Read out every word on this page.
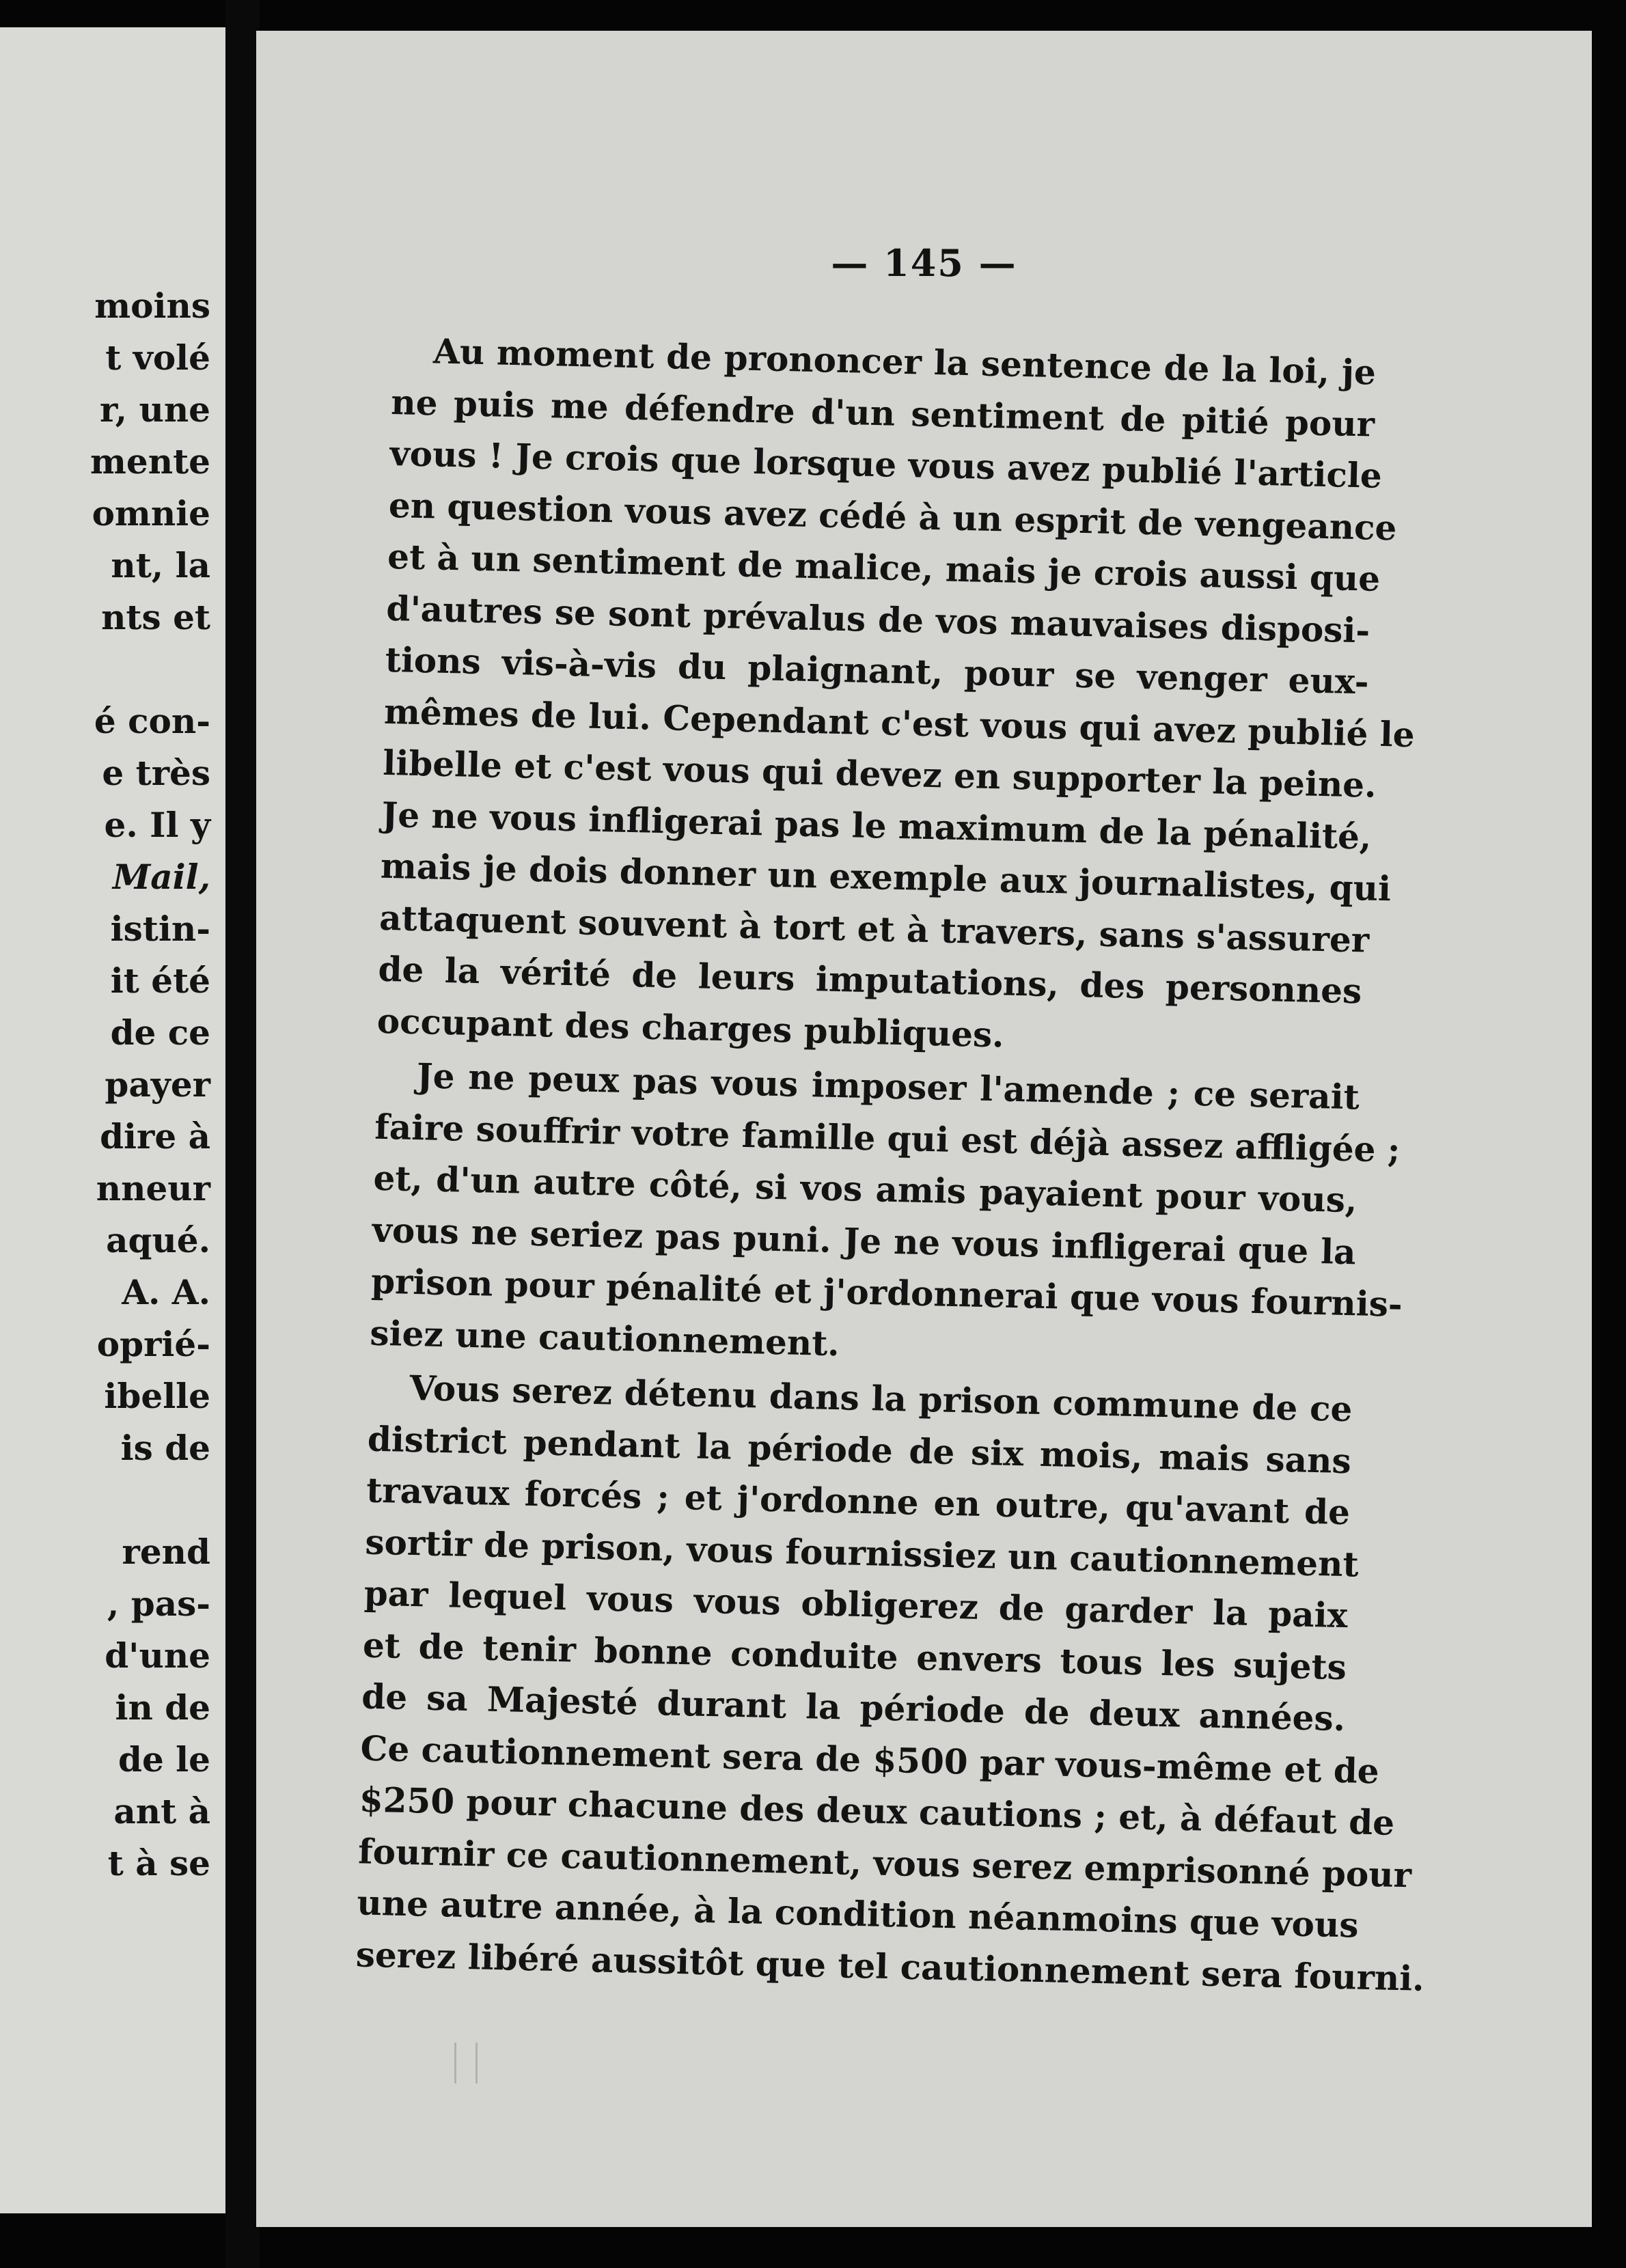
moins
t volé
r, une
mente
omnie
nt, la
nts et
é con-
e très
e. Il y
Mail,
istin-
it été
de ce
payer
dire à
nneur
aqué.
A. A.
oprié-
ibelle
is de
rend
, pas-
d'une
in de
de le
ant à
t à se
— 145 —
Au moment de prononcer la sentence de la loi, je
ne puis me défendre d'un sentiment de pitié pour
vous ! Je crois que lorsque vous avez publié l'article
en question vous avez cédé à un esprit de vengeance
et à un sentiment de malice, mais je crois aussi que
d'autres se sont prévalus de vos mauvaises disposi-
tions vis-à-vis du plaignant, pour se venger eux-
mêmes de lui. Cependant c'est vous qui avez publié le
libelle et c'est vous qui devez en supporter la peine.
Je ne vous infligerai pas le maximum de la pénalité,
mais je dois donner un exemple aux journalistes, qui
attaquent souvent à tort et à travers, sans s'assurer
de la vérité de leurs imputations, des personnes
occupant des charges publiques.
Je ne peux pas vous imposer l'amende ; ce serait
faire souffrir votre famille qui est déjà assez affligée ;
et, d'un autre côté, si vos amis payaient pour vous,
vous ne seriez pas puni. Je ne vous infligerai que la
prison pour pénalité et j'ordonnerai que vous fournis-
siez une cautionnement.
Vous serez détenu dans la prison commune de ce
district pendant la période de six mois, mais sans
travaux forcés ; et j'ordonne en outre, qu'avant de
sortir de prison, vous fournissiez un cautionnement
par lequel vous vous obligerez de garder la paix
et de tenir bonne conduite envers tous les sujets
de sa Majesté durant la période de deux années.
Ce cautionnement sera de $500 par vous-même et de
$250 pour chacune des deux cautions ; et, à défaut de
fournir ce cautionnement, vous serez emprisonné pour
une autre année, à la condition néanmoins que vous
serez libéré aussitôt que tel cautionnement sera fourni.
